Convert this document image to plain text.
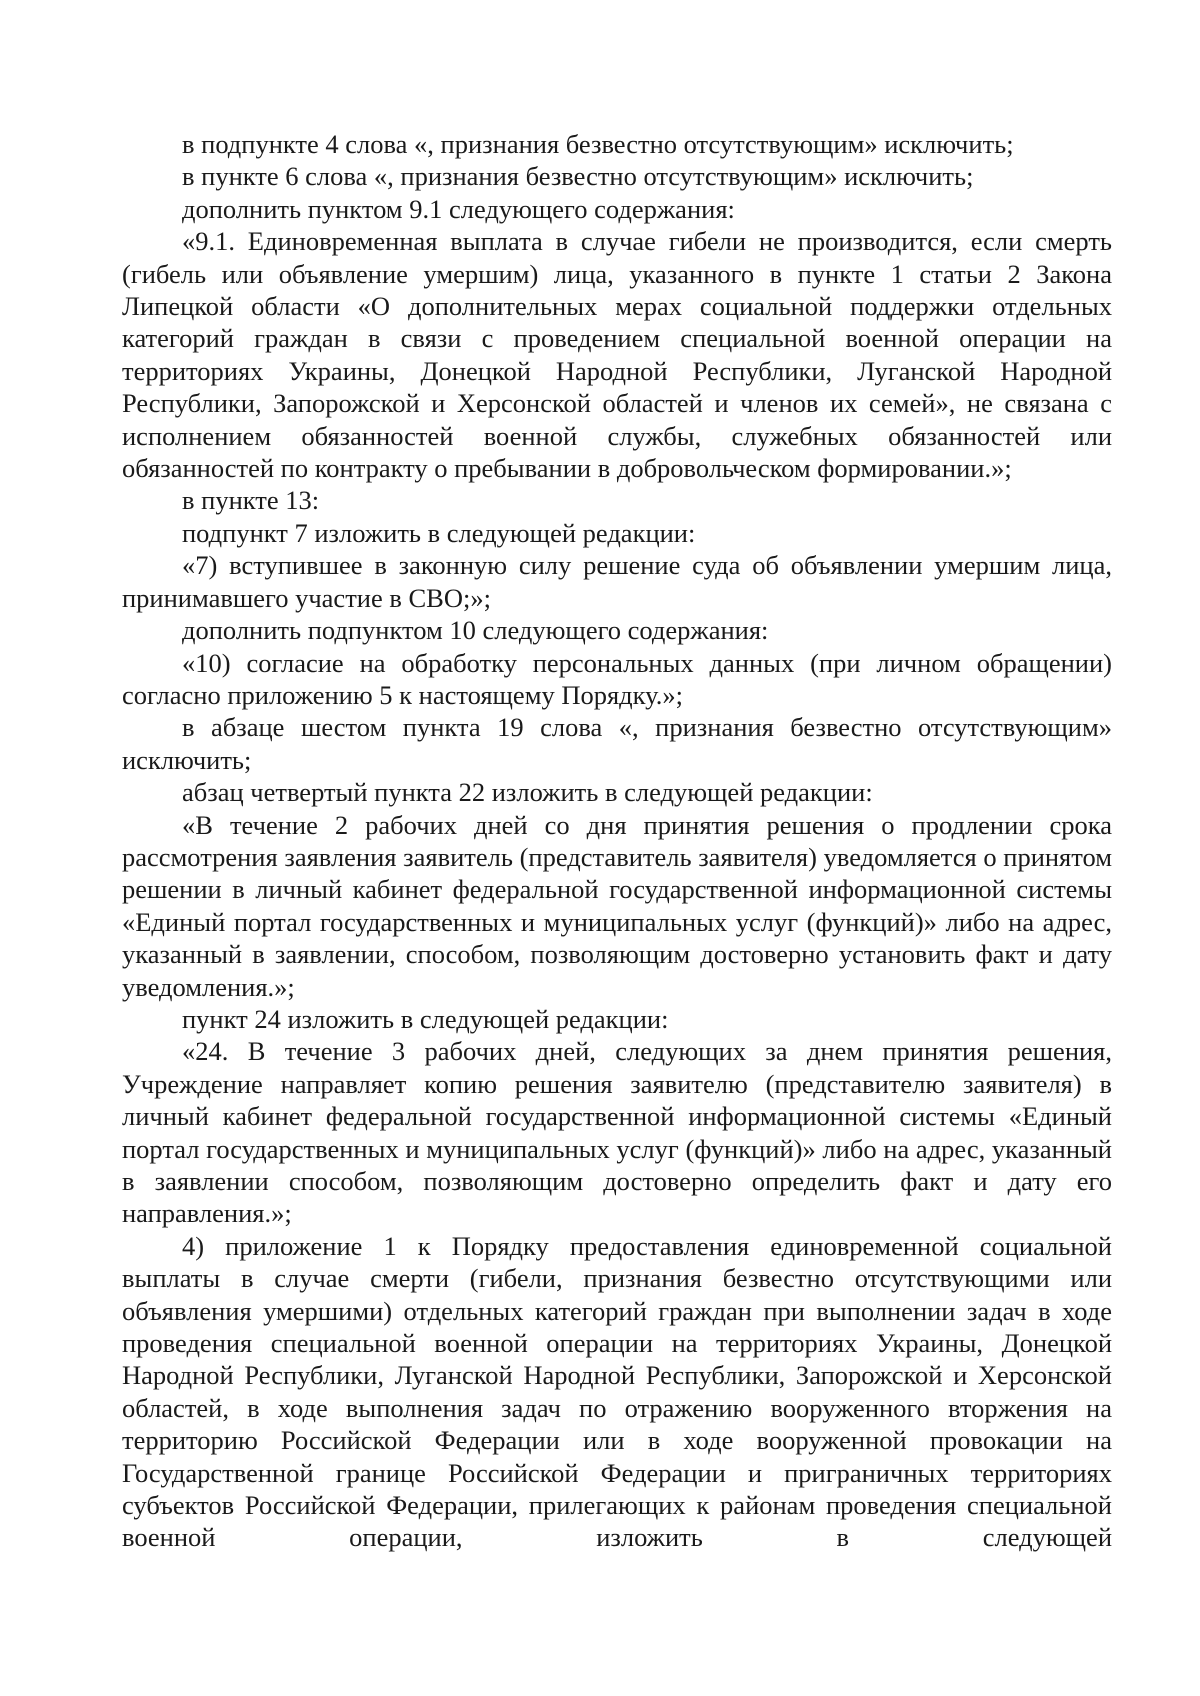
в подпункте 4 слова «, признания безвестно отсутствующим» исключить;

в пункте 6 слова «, признания безвестно отсутствующим» исключить;

дополнить пунктом 9.1 следующего содержания:

«9.1. Единовременная выплата в случае гибели не производится, если смерть (гибель или объявление умершим) лица, указанного в пункте 1 статьи 2 Закона Липецкой области «О дополнительных мерах социальной поддержки отдельных категорий граждан в связи с проведением специальной военной операции на территориях Украины, Донецкой Народной Республики, Луганской Народной Республики, Запорожской и Херсонской областей и членов их семей», не связана с исполнением обязанностей военной службы, служебных обязанностей или обязанностей по контракту о пребывании в добровольческом формировании.»;

в пункте 13:

подпункт 7 изложить в следующей редакции:

«7) вступившее в законную силу решение суда об объявлении умершим лица, принимавшего участие в СВО;»;

дополнить подпунктом 10 следующего содержания:

«10) согласие на обработку персональных данных (при личном обращении) согласно приложению 5 к настоящему Порядку.»;

в абзаце шестом пункта 19 слова «, признания безвестно отсутствующим» исключить;

абзац четвертый пункта 22 изложить в следующей редакции:

«В течение 2 рабочих дней со дня принятия решения о продлении срока рассмотрения заявления заявитель (представитель заявителя) уведомляется о принятом решении в личный кабинет федеральной государственной информационной системы «Единый портал государственных и муниципальных услуг (функций)» либо на адрес, указанный в заявлении, способом, позволяющим достоверно установить факт и дату уведомления.»;

пункт 24 изложить в следующей редакции:

«24. В течение 3 рабочих дней, следующих за днем принятия решения, Учреждение направляет копию решения заявителю (представителю заявителя) в личный кабинет федеральной государственной информационной системы «Единый портал государственных и муниципальных услуг (функций)» либо на адрес, указанный в заявлении способом, позволяющим достоверно определить факт и дату его направления.»;

4) приложение 1 к Порядку предоставления единовременной социальной выплаты в случае смерти (гибели, признания безвестно отсутствующими или объявления умершими) отдельных категорий граждан при выполнении задач в ходе проведения специальной военной операции на территориях Украины, Донецкой Народной Республики, Луганской Народной Республики, Запорожской и Херсонской областей, в ходе выполнения задач по отражению вооруженного вторжения на территорию Российской Федерации или в ходе вооруженной провокации на Государственной границе Российской Федерации и приграничных территориях субъектов Российской Федерации, прилегающих к районам проведения специальной военной операции, изложить в следующей
